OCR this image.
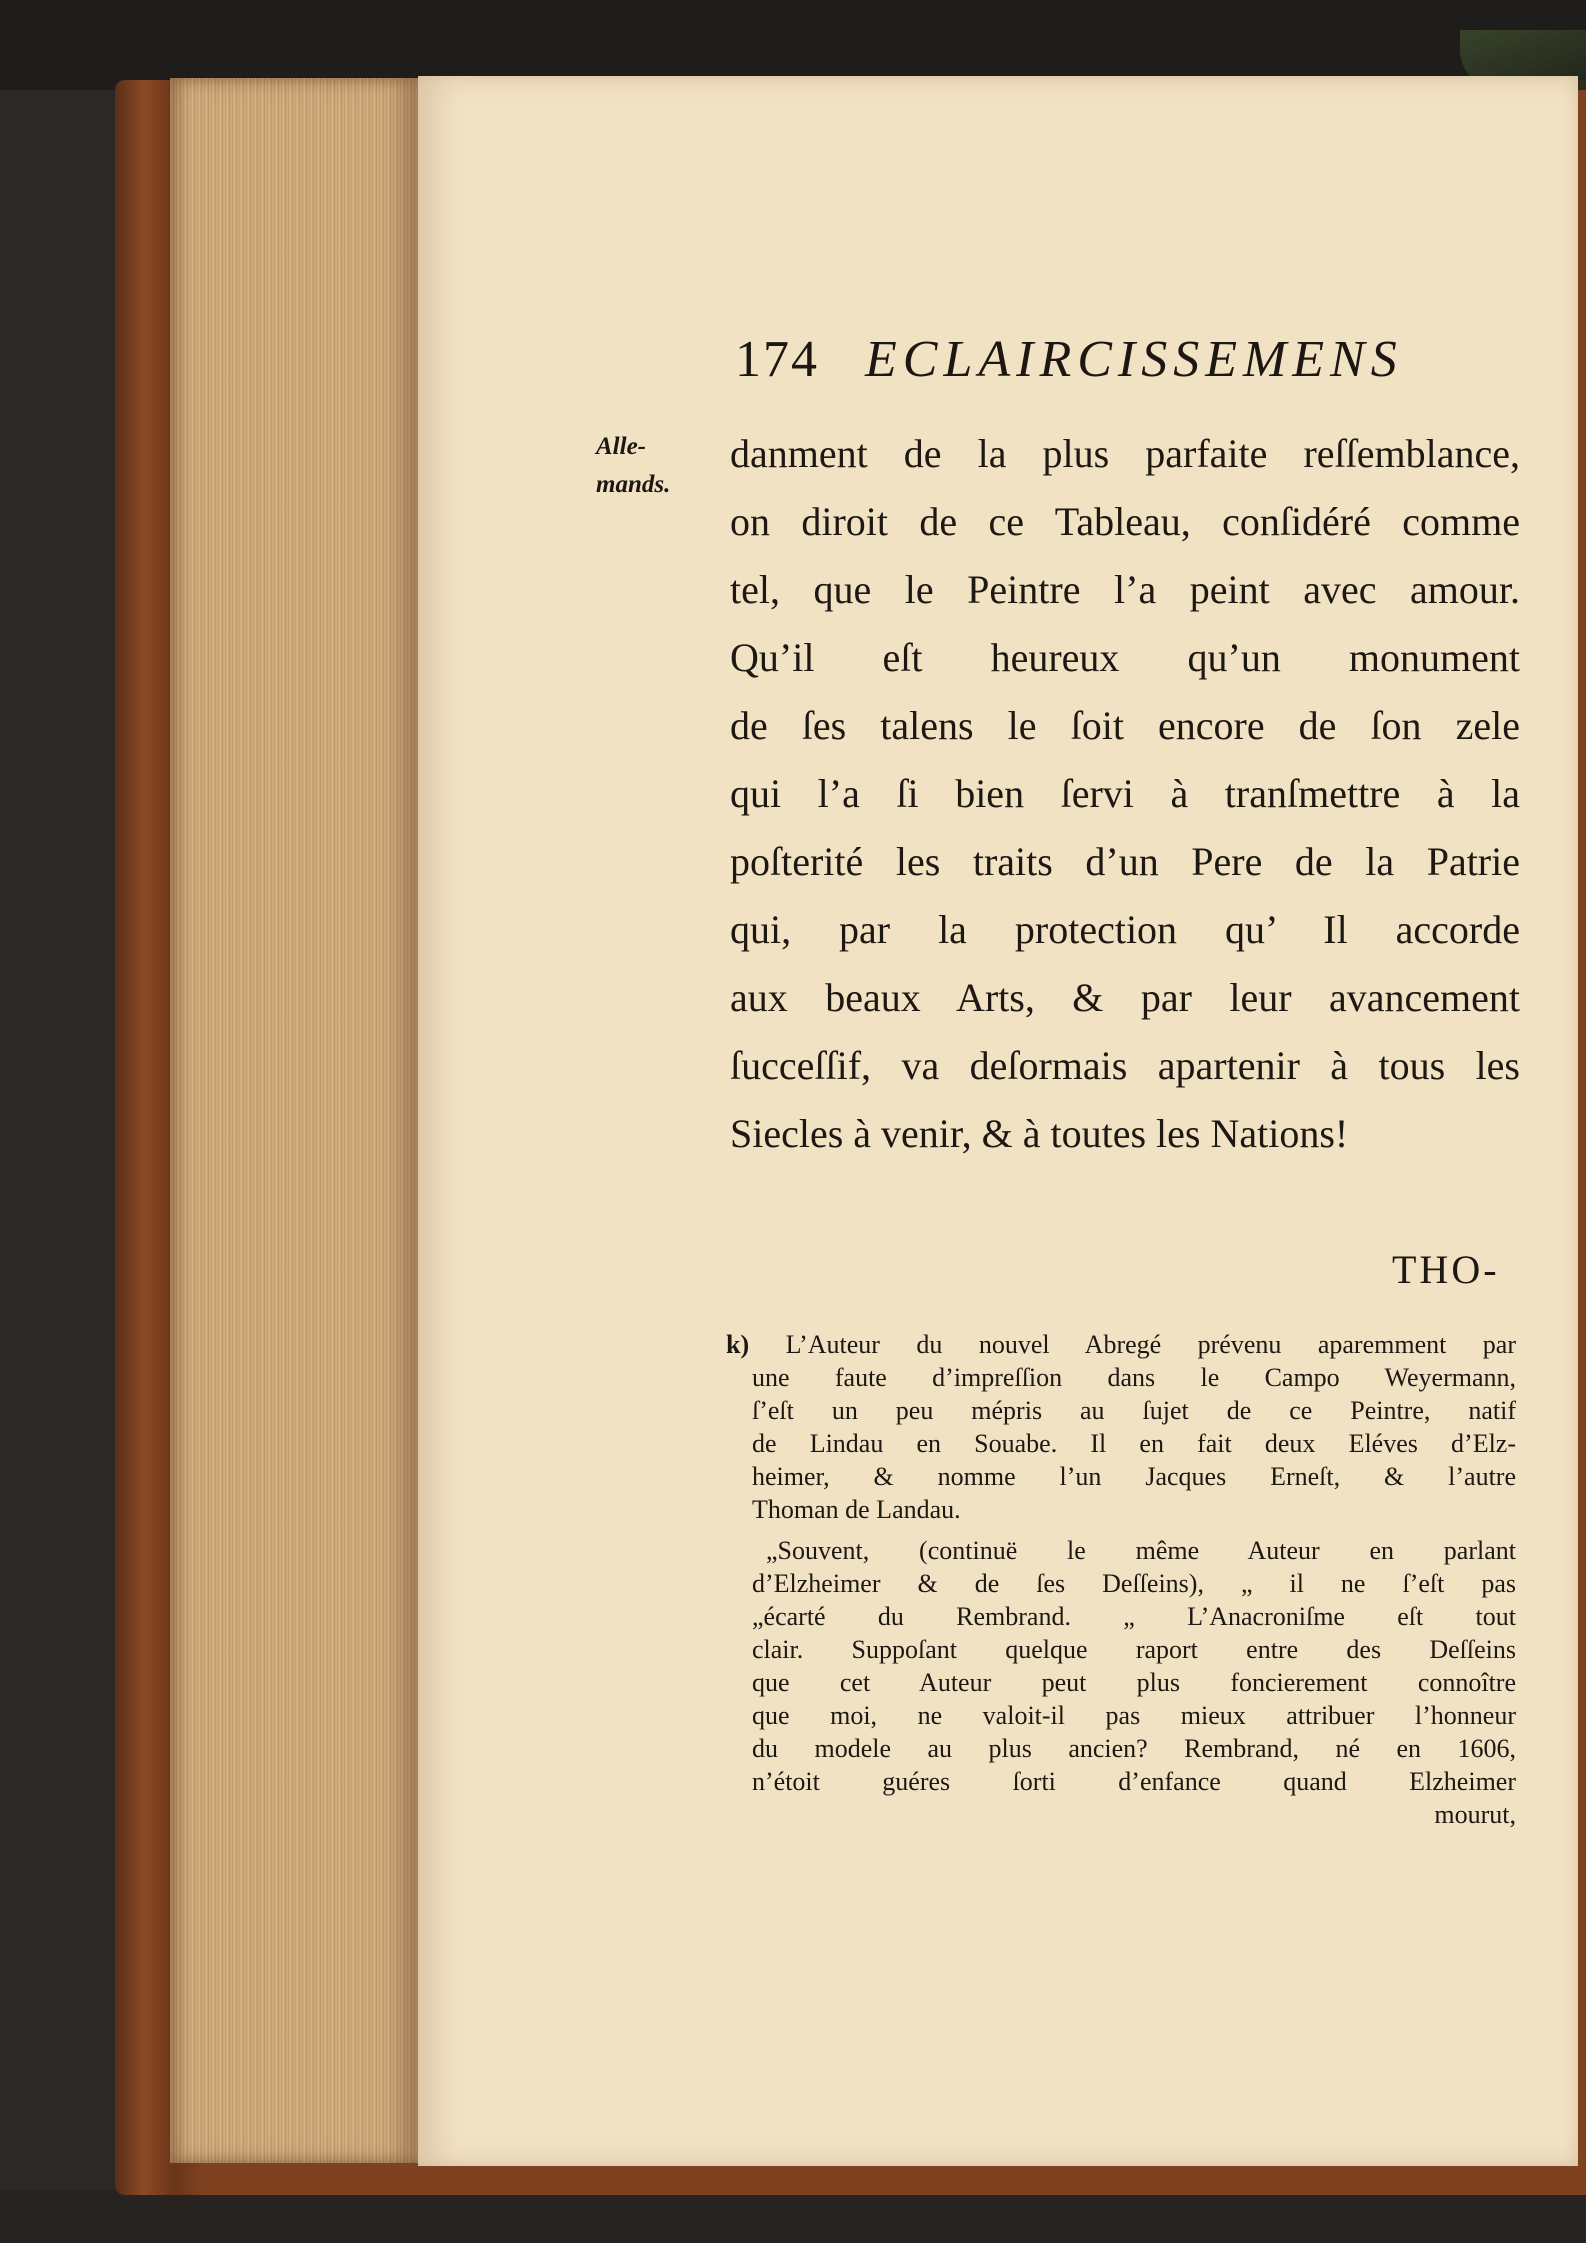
174 ECLAIRCISSEMENS
Alle-
mands.
danment de la plus parfaite reſſemblance,
on diroit de ce Tableau, conſidéré comme
tel, que le Peintre l’a peint avec amour.
Qu’il eſt heureux qu’un monument
de ſes talens le ſoit encore de ſon zele
qui l’a ſi bien ſervi à tranſmettre à la
poſterité les traits d’un Pere de la Patrie
qui, par la protection qu’ Il accorde
aux beaux Arts, & par leur avancement
ſucceſſif, va deſormais apartenir à tous les
Siecles à venir, & à toutes les Nations!
THO-
k) L’Auteur du nouvel Abregé prévenu aparemment par
une faute d’impreſſion dans le Campo Weyermann,
ſ’eſt un peu mépris au ſujet de ce Peintre, natif
de Lindau en Souabe. Il en fait deux Eléves d’Elz-
heimer, & nomme l’un Jacques Erneſt, & l’autre
Thoman de Landau.
„Souvent, (continuë le même Auteur en parlant
d’Elzheimer & de ſes Deſſeins), „ il ne ſ’eſt pas
„écarté du Rembrand. „ L’Anacroniſme eſt tout
clair. Suppoſant quelque raport entre des Deſſeins
que cet Auteur peut plus foncierement connoître
que moi, ne valoit-il pas mieux attribuer l’honneur
du modele au plus ancien? Rembrand, né en 1606,
n’étoit guéres ſorti d’enfance quand Elzheimer
mourut,
